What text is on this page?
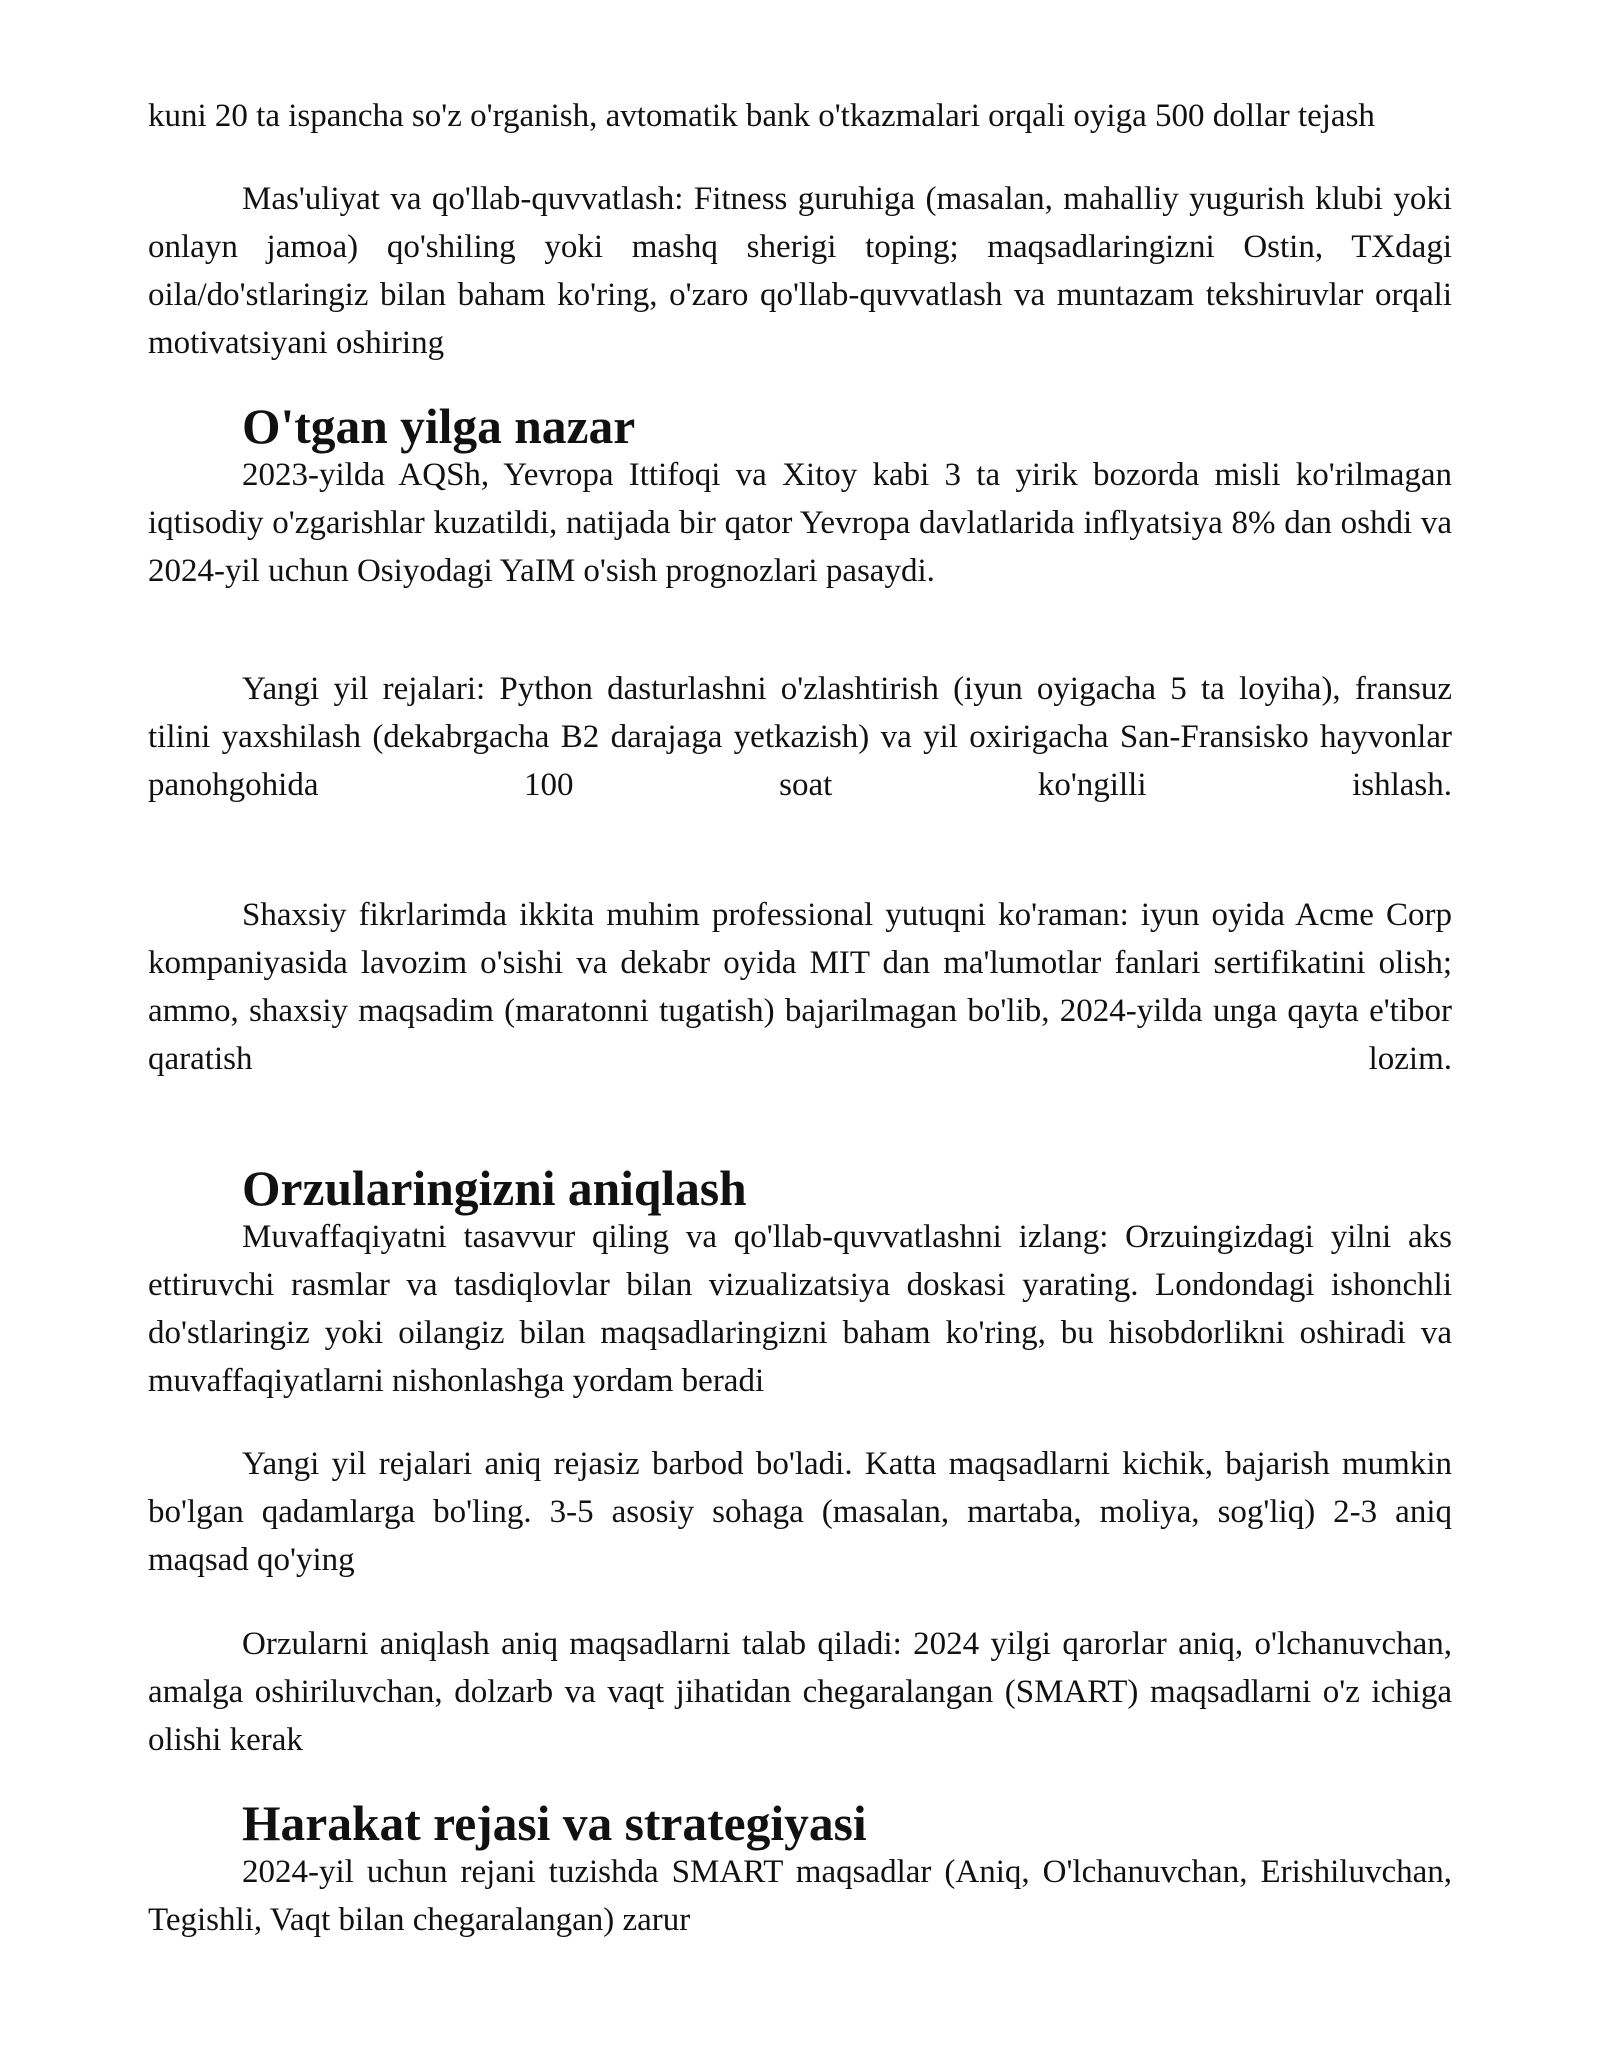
kuni 20 ta ispancha so'z o'rganish, avtomatik bank o'tkazmalari orqali oyiga 500 dollar tejash

Mas'uliyat va qo'llab-quvvatlash: Fitness guruhiga (masalan, mahalliy yugurish klubi yoki onlayn jamoa) qo'shiling yoki mashq sherigi toping; maqsadlaringizni Ostin, TXdagi oila/do'stlaringiz bilan baham ko'ring, o'zaro qo'llab-quvvatlash va muntazam tekshiruvlar orqali motivatsiyani oshiring

O'tgan yilga nazar

2023-yilda AQSh, Yevropa Ittifoqi va Xitoy kabi 3 ta yirik bozorda misli ko'rilmagan iqtisodiy o'zgarishlar kuzatildi, natijada bir qator Yevropa davlatlarida inflyatsiya 8% dan oshdi va 2024-yil uchun Osiyodagi YaIM o'sish prognozlari pasaydi.

Yangi yil rejalari: Python dasturlashni o'zlashtirish (iyun oyigacha 5 ta loyiha), fransuz tilini yaxshilash (dekabrgacha B2 darajaga yetkazish) va yil oxirigacha San-Fransisko hayvonlar panohgohida 100 soat ko'ngilli ishlash.

Shaxsiy fikrlarimda ikkita muhim professional yutuqni ko'raman: iyun oyida Acme Corp kompaniyasida lavozim o'sishi va dekabr oyida MIT dan ma'lumotlar fanlari sertifikatini olish; ammo, shaxsiy maqsadim (maratonni tugatish) bajarilmagan bo'lib, 2024-yilda unga qayta e'tibor qaratish lozim.

Orzularingizni aniqlash

Muvaffaqiyatni tasavvur qiling va qo'llab-quvvatlashni izlang: Orzuingizdagi yilni aks ettiruvchi rasmlar va tasdiqlovlar bilan vizualizatsiya doskasi yarating. Londondagi ishonchli do'stlaringiz yoki oilangiz bilan maqsadlaringizni baham ko'ring, bu hisobdorlikni oshiradi va muvaffaqiyatlarni nishonlashga yordam beradi

Yangi yil rejalari aniq rejasiz barbod bo'ladi. Katta maqsadlarni kichik, bajarish mumkin bo'lgan qadamlarga bo'ling. 3-5 asosiy sohaga (masalan, martaba, moliya, sog'liq) 2-3 aniq maqsad qo'ying

Orzularni aniqlash aniq maqsadlarni talab qiladi: 2024 yilgi qarorlar aniq, o'lchanuvchan, amalga oshiriluvchan, dolzarb va vaqt jihatidan chegaralangan (SMART) maqsadlarni o'z ichiga olishi kerak

Harakat rejasi va strategiyasi

2024-yil uchun rejani tuzishda SMART maqsadlar (Aniq, O'lchanuvchan, Erishiluvchan, Tegishli, Vaqt bilan chegaralangan) zarur
